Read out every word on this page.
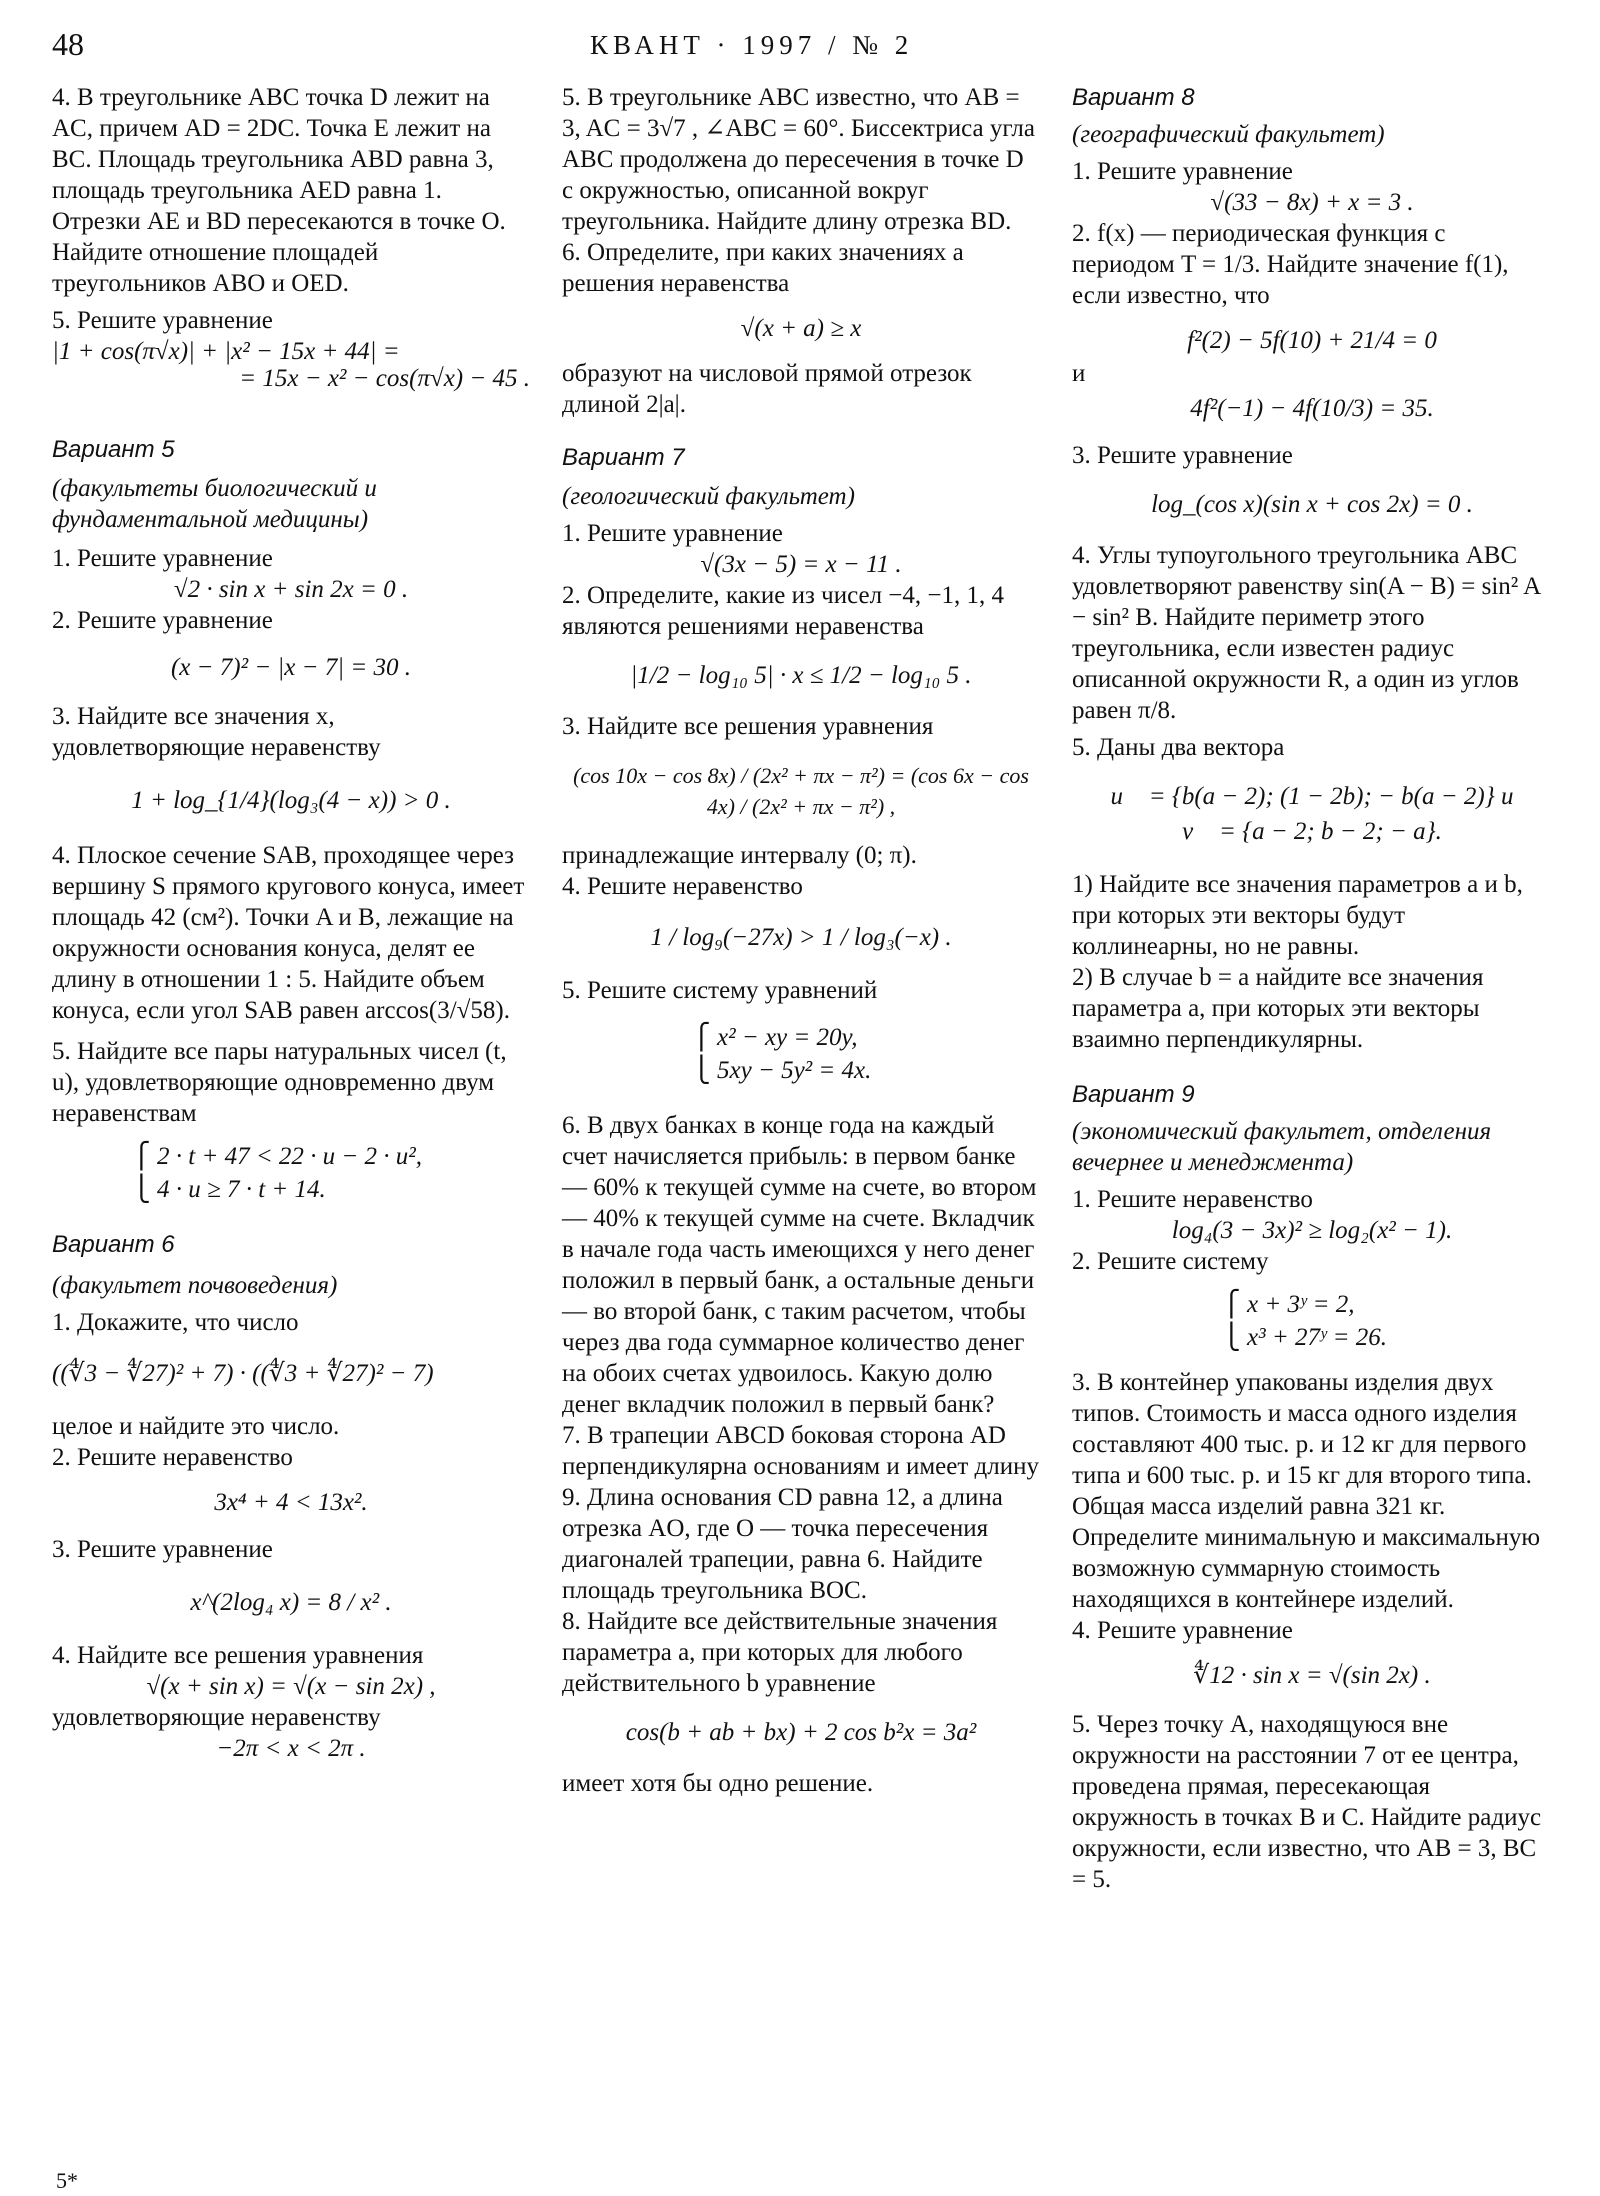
48	КВАНТ · 1997 / № 2

4. В треугольнике ABC точка D лежит на AC, причем AD = 2DC. Точка E лежит на BC. Площадь треугольника ABD равна 3, площадь треугольника AED равна 1. Отрезки AE и BD пересекаются в точке O. Найдите отношение площадей треугольников ABO и OED.

5. Решите уравнение

|1 + cos(π√x)| + |x² − 15x + 44| =

= 15x − x² − cos(π√x) − 45 .

Вариант 5

(факультеты биологический и фундаментальной медицины)

1. Решите уравнение

√2 · sin x + sin 2x = 0 .

2. Решите уравнение

(x − 7)² − |x − 7| = 30 .

3. Найдите все значения x, удовлетворяющие неравенству

1 + log_{1/4}(log₃(4 − x)) > 0 .

4. Плоское сечение SAB, проходящее через вершину S прямого кругового конуса, имеет площадь 42 (см²). Точки A и B, лежащие на окружности основания конуса, делят ее длину в отношении 1 : 5. Найдите объем конуса, если угол SAB равен arccos(3/√58).

5. Найдите все пары натуральных чисел (t, u), удовлетворяющие одновременно двум неравенствам

⎧ 2 · t + 47 < 22 · u − 2 · u²,

⎩ 4 · u ≥ 7 · t + 14.

Вариант 6

(факультет почвоведения)

1. Докажите, что число

((∜3 − ∜27)² + 7) · ((∜3 + ∜27)² − 7)

целое и найдите это число.

2. Решите неравенство

3x⁴ + 4 < 13x².

3. Решите уравнение

x^(2log₄ x) = 8 / x² .

4. Найдите все решения уравнения

√(x + sin x) = √(x − sin 2x) ,

удовлетворяющие неравенству

−2π < x < 2π .

5. В треугольнике ABC известно, что AB = 3, AC = 3√7 , ∠ABC = 60°. Биссектриса угла ABC продолжена до пересечения в точке D с окружностью, описанной вокруг треугольника. Найдите длину отрезка BD.

6. Определите, при каких значениях a решения неравенства

√(x + a) ≥ x

образуют на числовой прямой отрезок длиной 2|a|.

Вариант 7

(геологический факультет)

1. Решите уравнение

√(3x − 5) = x − 11 .

2. Определите, какие из чисел −4, −1, 1, 4 являются решениями неравенства

|1/2 − log₁₀ 5| · x ≤ 1/2 − log₁₀ 5 .

3. Найдите все решения уравнения

(cos 10x − cos 8x) / (2x² + πx − π²) = (cos 6x − cos 4x) / (2x² + πx − π²) ,

принадлежащие интервалу (0; π).

4. Решите неравенство

1 / log₉(−27x) > 1 / log₃(−x) .

5. Решите систему уравнений

⎧ x² − xy = 20y,

⎩ 5xy − 5y² = 4x.

6. В двух банках в конце года на каждый счет начисляется прибыль: в первом банке — 60% к текущей сумме на счете, во втором — 40% к текущей сумме на счете. Вкладчик в начале года часть имеющихся у него денег положил в первый банк, а остальные деньги — во второй банк, с таким расчетом, чтобы через два года суммарное количество денег на обоих счетах удвоилось. Какую долю денег вкладчик положил в первый банк?

7. В трапеции ABCD боковая сторона AD перпендикулярна основаниям и имеет длину 9. Длина основания CD равна 12, а длина отрезка AO, где O — точка пересечения диагоналей трапеции, равна 6. Найдите площадь треугольника BOC.

8. Найдите все действительные значения параметра a, при которых для любого действительного b уравнение

cos(b + ab + bx) + 2 cos b²x = 3a²

имеет хотя бы одно решение.

Вариант 8

(географический факультет)

1. Решите уравнение

√(33 − 8x) + x = 3 .

2. f(x) — периодическая функция с периодом T = 1/3. Найдите значение f(1), если известно, что

f²(2) − 5f(10) + 21/4 = 0

и

4f²(−1) − 4f(10/3) = 35.

3. Решите уравнение

log_(cos x)(sin x + cos 2x) = 0 .

4. Углы тупоугольного треугольника ABC удовлетворяют равенству sin(A − B) = sin² A − sin² B. Найдите периметр этого треугольника, если известен радиус описанной окружности R, а один из углов равен π/8.

5. Даны два вектора

u⃗ = {b(a − 2); (1 − 2b); − b(a − 2)} и

v⃗ = {a − 2; b − 2; − a}.

1) Найдите все значения параметров a и b, при которых эти векторы будут коллинеарны, но не равны.

2) В случае b = a найдите все значения параметра a, при которых эти векторы взаимно перпендикулярны.

Вариант 9

(экономический факультет, отделения вечернее и менеджмента)

1. Решите неравенство

log₄(3 − 3x)² ≥ log₂(x² − 1).

2. Решите систему

⎧ x + 3ʸ = 2,

⎩ x³ + 27ʸ = 26.

3. В контейнер упакованы изделия двух типов. Стоимость и масса одного изделия составляют 400 тыс. р. и 12 кг для первого типа и 600 тыс. р. и 15 кг для второго типа. Общая масса изделий равна 321 кг. Определите минимальную и максимальную возможную суммарную стоимость находящихся в контейнере изделий.

4. Решите уравнение

∜12 · sin x = √(sin 2x) .

5. Через точку A, находящуюся вне окружности на расстоянии 7 от ее центра, проведена прямая, пересекающая окружность в точках B и C. Найдите радиус окружности, если известно, что AB = 3, BC = 5.

5*
